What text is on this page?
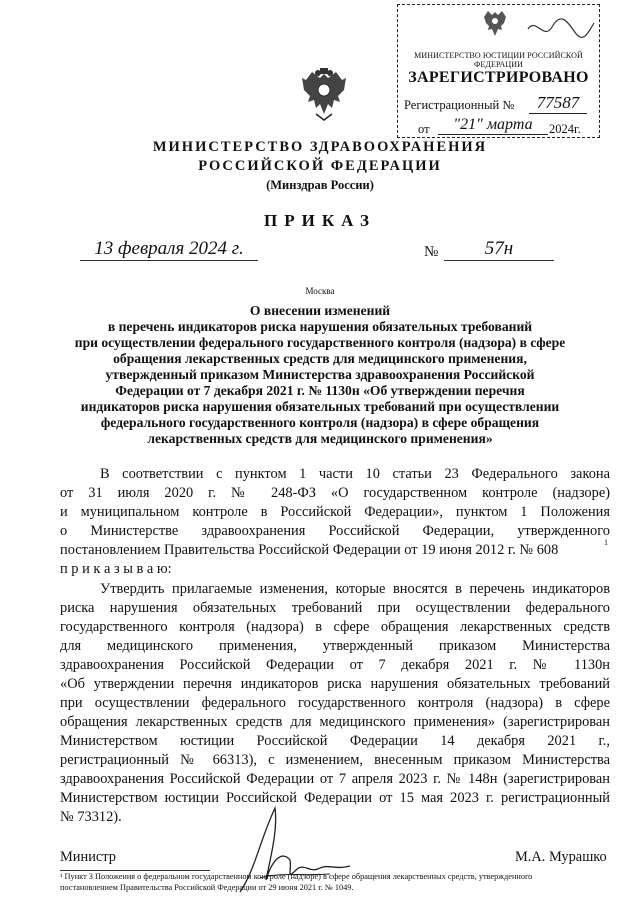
МИНИСТЕРСТВО ЮСТИЦИИ РОССИЙСКОЙ ФЕДЕРАЦИИ
ЗАРЕГИСТРИРОВАНО
Регистрационный №	77587
от	"21" марта	2024г.
МИНИСТЕРСТВО ЗДРАВООХРАНЕНИЯ
РОССИЙСКОЙ ФЕДЕРАЦИИ
(Минздрав России)
ПРИКАЗ
13 февраля 2024 г.	№	57н
Москва
О внесении изменений
в перечень индикаторов риска нарушения обязательных требований
при осуществлении федерального государственного контроля (надзора) в сфере
обращения лекарственных средств для медицинского применения,
утвержденный приказом Министерства здравоохранения Российской
Федерации от 7 декабря 2021 г. № 1130н «Об утверждении перечня
индикаторов риска нарушения обязательных требований при осуществлении
федерального государственного контроля (надзора) в сфере обращения
лекарственных средств для медицинского применения»
В соответствии с пунктом 1 части 10 статьи 23 Федерального закона
от 31 июля 2020 г. № 248-ФЗ «О государственном контроле (надзоре)
и муниципальном контроле в Российской Федерации», пунктом 1 Положения
о Министерстве здравоохранения Российской Федерации, утвержденного
постановлением Правительства Российской Федерации от 19 июня 2012 г. № 608	1
п р и к а з ы в а ю:
Утвердить прилагаемые изменения, которые вносятся в перечень индикаторов
риска нарушения обязательных требований при осуществлении федерального
государственного контроля (надзора) в сфере обращения лекарственных средств
для медицинского применения, утвержденный приказом Министерства
здравоохранения Российской Федерации от 7 декабря 2021 г. № 1130н
«Об утверждении перечня индикаторов риска нарушения обязательных требований
при осуществлении федерального государственного контроля (надзора) в сфере
обращения лекарственных средств для медицинского применения» (зарегистрирован
Министерством юстиции Российской Федерации 14 декабря 2021 г.,
регистрационный № 66313), с изменением, внесенным приказом Министерства
здравоохранения Российской Федерации от 7 апреля 2023 г. № 148н (зарегистрирован
Министерством юстиции Российской Федерации от 15 мая 2023 г. регистрационный
№ 73312).
Министр	М.А. Мурашко
¹ Пункт 3 Положения о федеральном государственном контроле (надзоре) в сфере обращения лекарственных средств, утвержденного
постановлением Правительства Российской Федерации от 29 июня 2021 г. № 1049.
